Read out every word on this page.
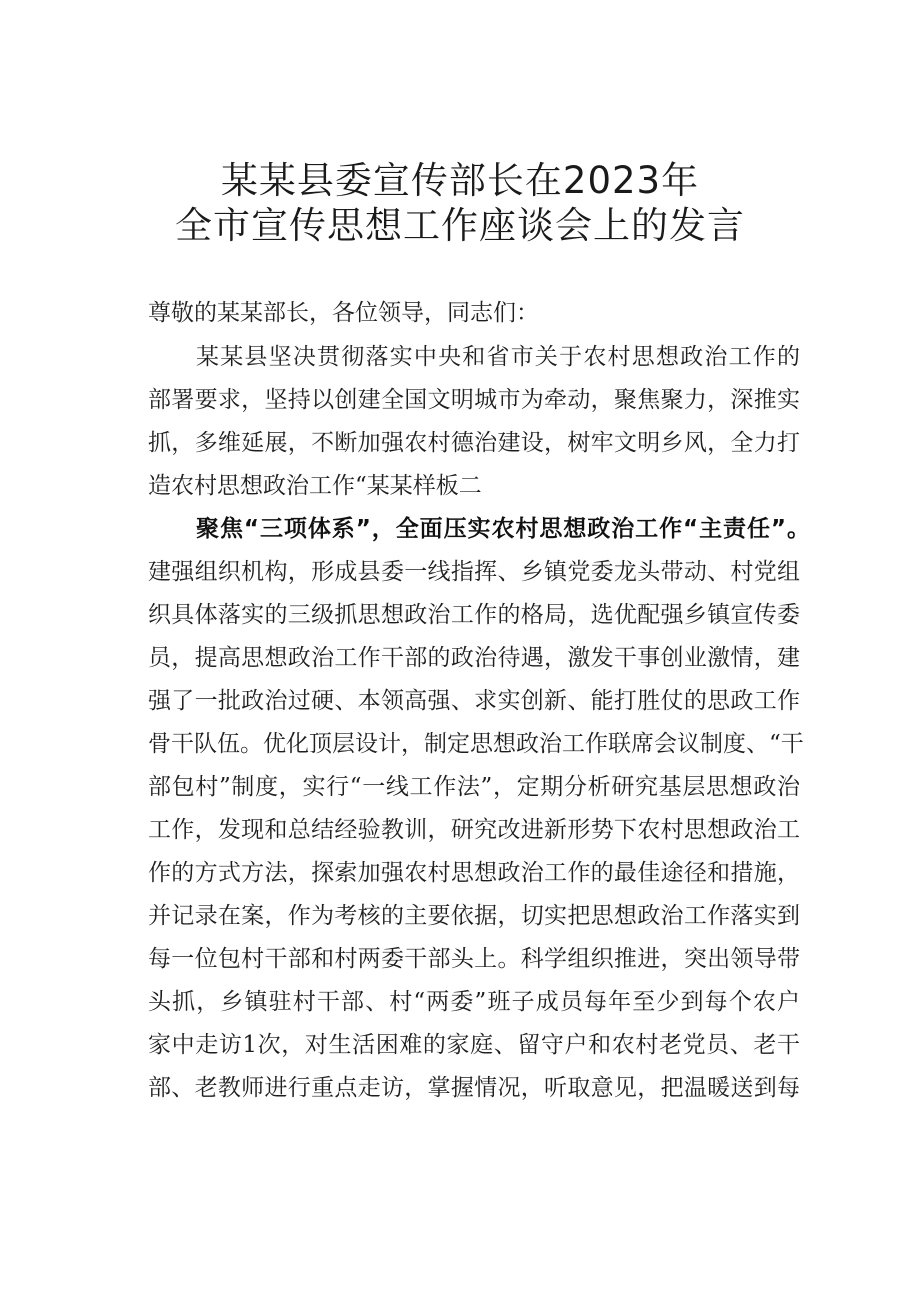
某某县委宣传部长在2023年
全市宣传思想工作座谈会上的发言
尊敬的某某部长，各位领导，同志们：
某某县坚决贯彻落实中央和省市关于农村思想政治工作的
部署要求，坚持以创建全国文明城市为牵动，聚焦聚力，深推实
抓，多维延展，不断加强农村德治建设，树牢文明乡风，全力打
造农村思想政治工作“某某样板二
聚焦“三项体系”，全面压实农村思想政治工作“主责任”。
建强组织机构，形成县委一线指挥、乡镇党委龙头带动、村党组
织具体落实的三级抓思想政治工作的格局，选优配强乡镇宣传委
员，提高思想政治工作干部的政治待遇，激发干事创业激情，建
强了一批政治过硬、本领高强、求实创新、能打胜仗的思政工作
骨干队伍。优化顶层设计，制定思想政治工作联席会议制度、“干
部包村”制度，实行“一线工作法”，定期分析研究基层思想政治
工作，发现和总结经验教训，研究改进新形势下农村思想政治工
作的方式方法，探索加强农村思想政治工作的最佳途径和措施，
并记录在案，作为考核的主要依据，切实把思想政治工作落实到
每一位包村干部和村两委干部头上。科学组织推进，突出领导带
头抓，乡镇驻村干部、村“两委”班子成员每年至少到每个农户
家中走访1次，对生活困难的家庭、留守户和农村老党员、老干
部、老教师进行重点走访，掌握情况，听取意见，把温暖送到每
